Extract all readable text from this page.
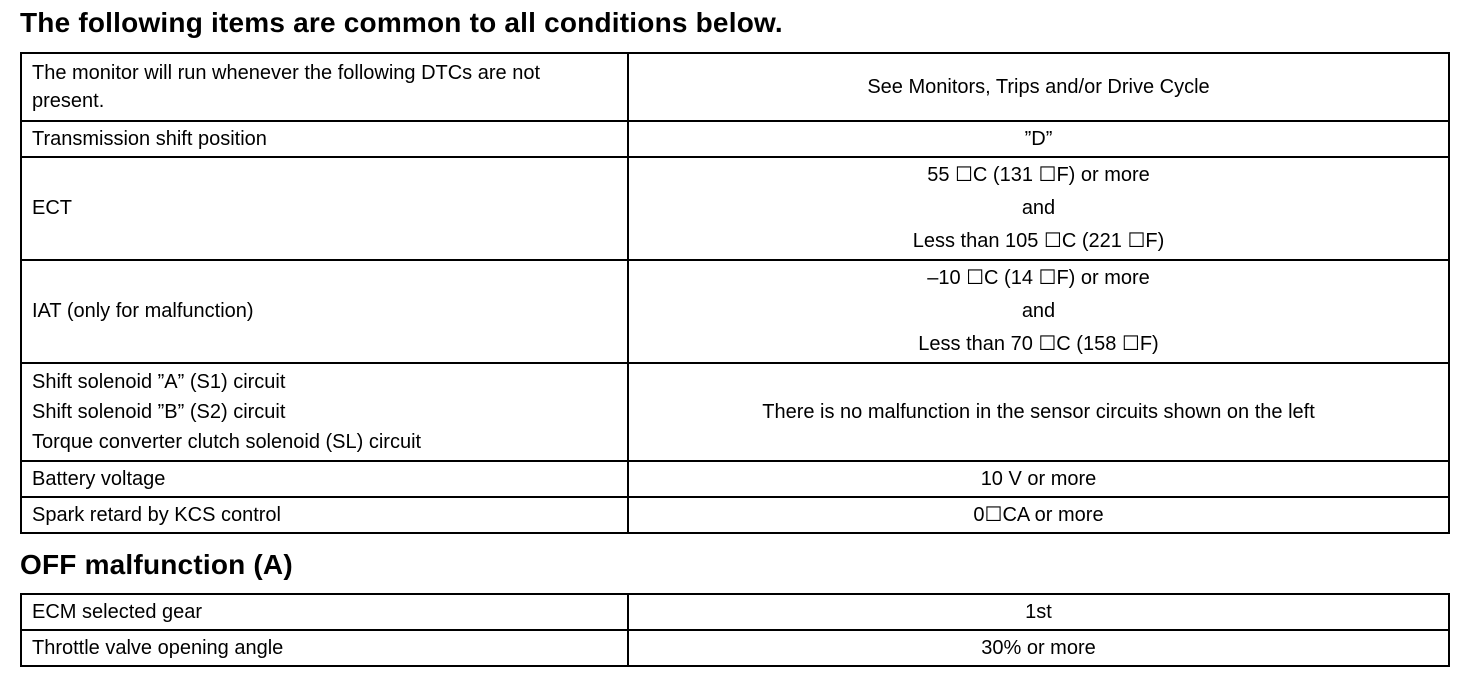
The following items are common to all conditions below.
The monitor will run whenever the following DTCs are not
present.	See Monitors, Trips and/or Drive Cycle

Transmission shift position	”D”

ECT	55 ☐C (131 ☐F) or more
and
Less than 105 ☐C (221 ☐F)

IAT (only for malfunction)	–10 ☐C (14 ☐F) or more
and
Less than 70 ☐C (158 ☐F)

Shift solenoid ”A” (S1) circuit
Shift solenoid ”B” (S2) circuit
Torque converter clutch solenoid (SL) circuit	There is no malfunction in the sensor circuits shown on the left

Battery voltage	10 V or more

Spark retard by KCS control	0☐CA or more
OFF malfunction (A)
ECM selected gear	1st

Throttle valve opening angle	30% or more
